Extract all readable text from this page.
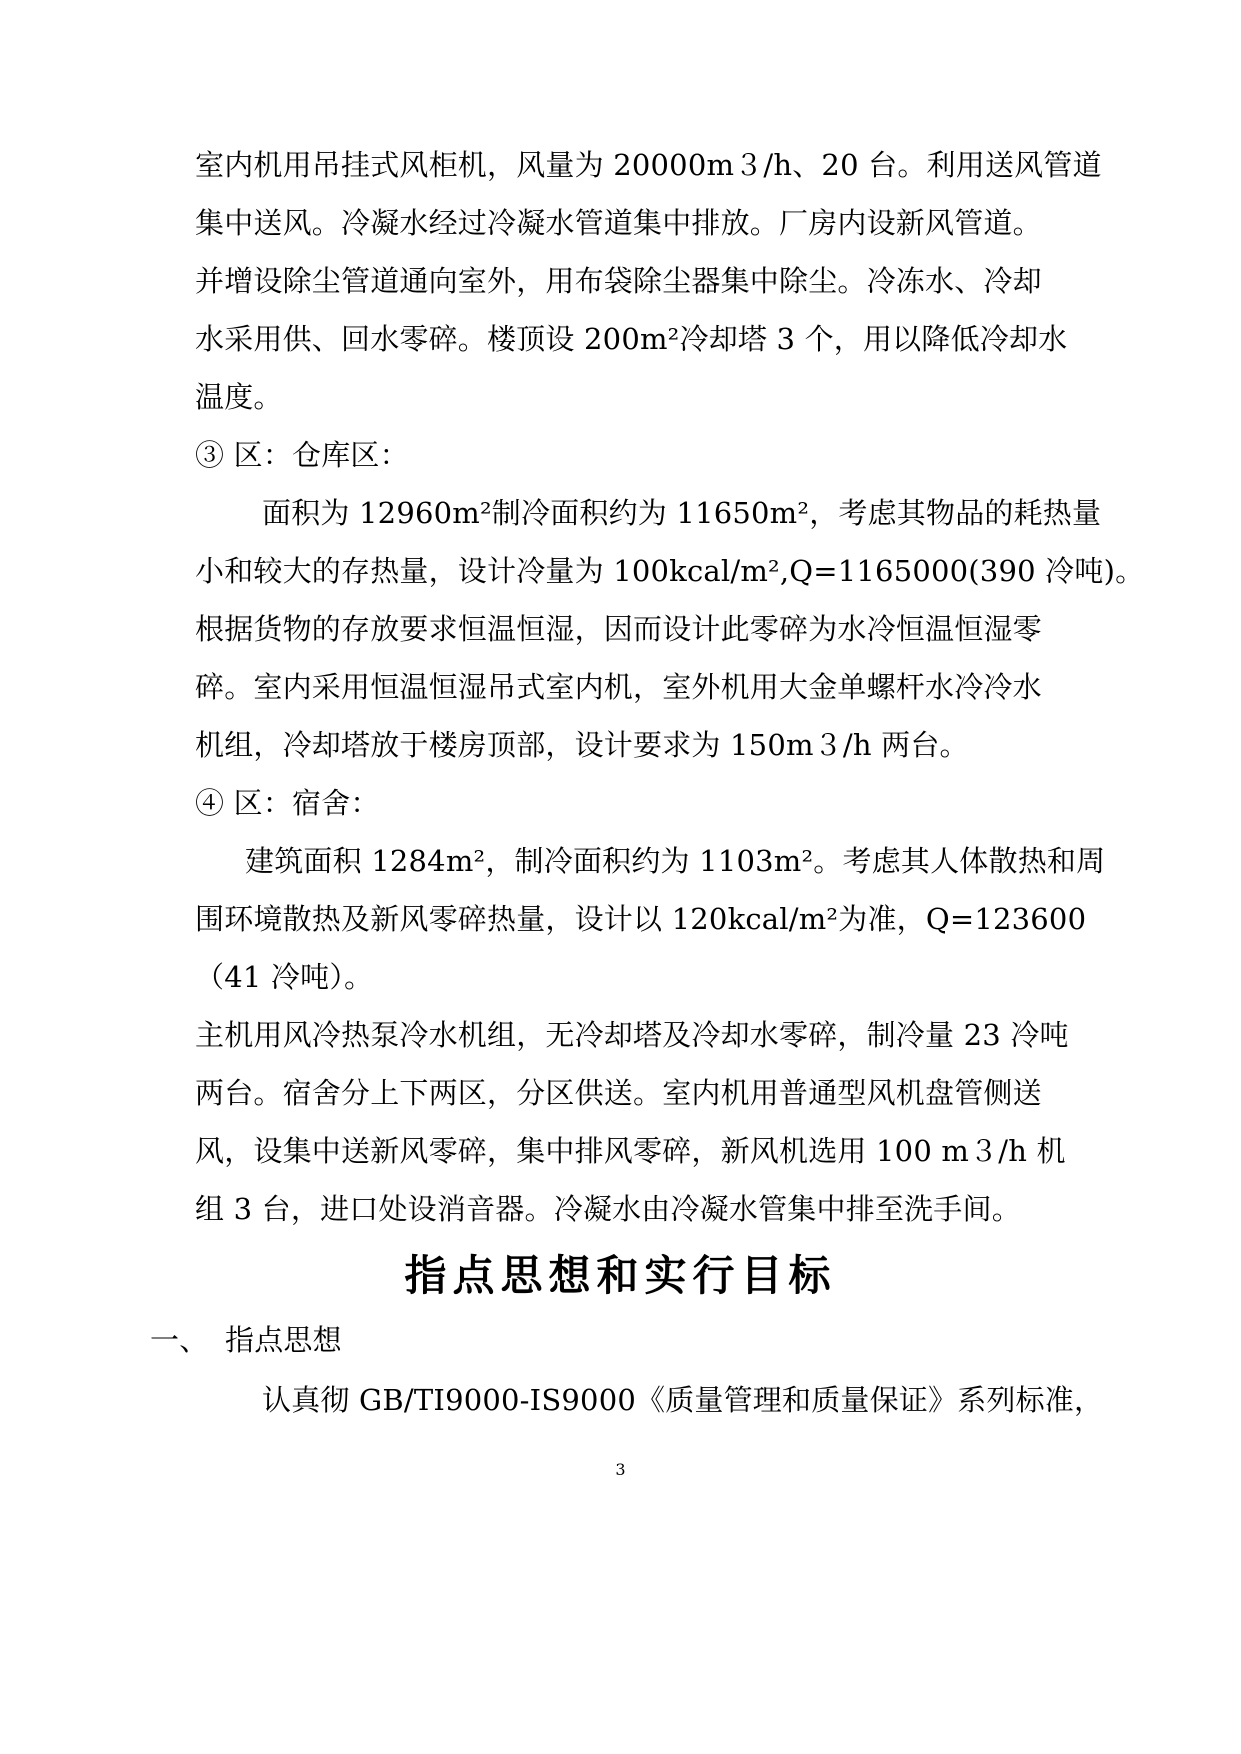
室内机用吊挂式风柜机，风量为 20000m３/h、20 台。利用送风管道
集中送风。冷凝水经过冷凝水管道集中排放。厂房内设新风管道。
并增设除尘管道通向室外，用布袋除尘器集中除尘。冷冻水、冷却
水采用供、回水零碎。楼顶设 200m²冷却塔 3 个，用以降低冷却水
温度。
③ 区：仓库区：
面积为 12960m²制冷面积约为 11650m²，考虑其物品的耗热量
小和较大的存热量，设计冷量为 100kcal/m²,Q=1165000(390 冷吨)。
根据货物的存放要求恒温恒湿，因而设计此零碎为水冷恒温恒湿零
碎。室内采用恒温恒湿吊式室内机，室外机用大金单螺杆水冷冷水
机组，冷却塔放于楼房顶部，设计要求为 150m３/h 两台。
④ 区：宿舍：
建筑面积 1284m²，制冷面积约为 1103m²。考虑其人体散热和周
围环境散热及新风零碎热量，设计以 120kcal/m²为准，Q=123600
（41 冷吨）。
主机用风冷热泵冷水机组，无冷却塔及冷却水零碎，制冷量 23 冷吨
两台。宿舍分上下两区，分区供送。室内机用普通型风机盘管侧送
风，设集中送新风零碎，集中排风零碎，新风机选用 100 m３/h 机
组 3 台，进口处设消音器。冷凝水由冷凝水管集中排至洗手间。
指点思想和实行目标
一、 指点思想
认真彻 GB/TI9000-IS9000《质量管理和质量保证》系列标准，
3
